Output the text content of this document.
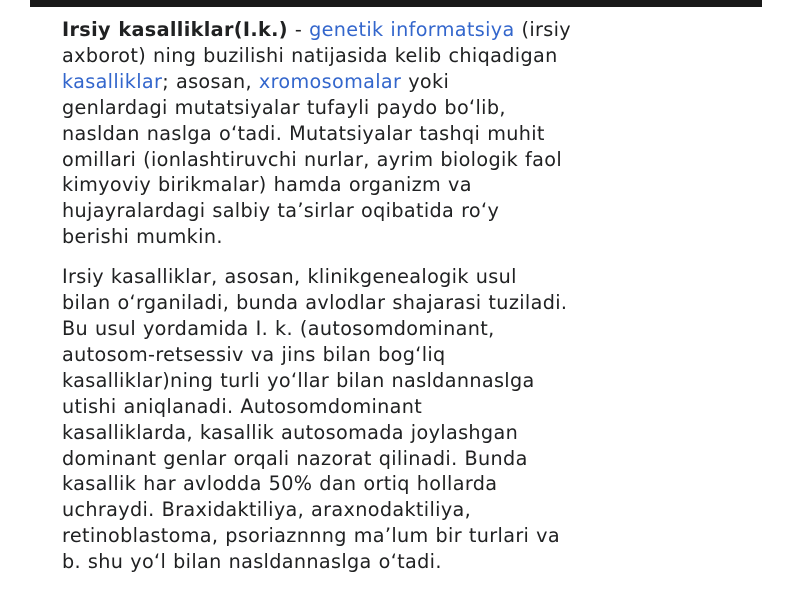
Irsiy kasalliklar(I.k.) - genetik informatsiya (irsiy
axborot) ning buzilishi natijasida kelib chiqadigan
kasalliklar; asosan, xromosomalar yoki
genlardagi mutatsiyalar tufayli paydo bo‘lib,
nasldan naslga o‘tadi. Mutatsiyalar tashqi muhit
omillari (ionlashtiruvchi nurlar, ayrim biologik faol
kimyoviy birikmalar) hamda organizm va
hujayralardagi salbiy ta’sirlar oqibatida ro‘y
berishi mumkin.

Irsiy kasalliklar, asosan, klinikgenealogik usul
bilan o‘rganiladi, bunda avlodlar shajarasi tuziladi.
Bu usul yordamida I. k. (autosomdominant,
autosom-retsessiv va jins bilan bog‘liq
kasalliklar)ning turli yo‘llar bilan nasldannaslga
utishi aniqlanadi. Autosomdominant
kasalliklarda, kasallik autosomada joylashgan
dominant genlar orqali nazorat qilinadi. Bunda
kasallik har avlodda 50% dan ortiq hollarda
uchraydi. Braxidaktiliya, araxnodaktiliya,
retinoblastoma, psoriaznnng ma’lum bir turlari va
b. shu yo‘l bilan nasldannaslga o‘tadi.
